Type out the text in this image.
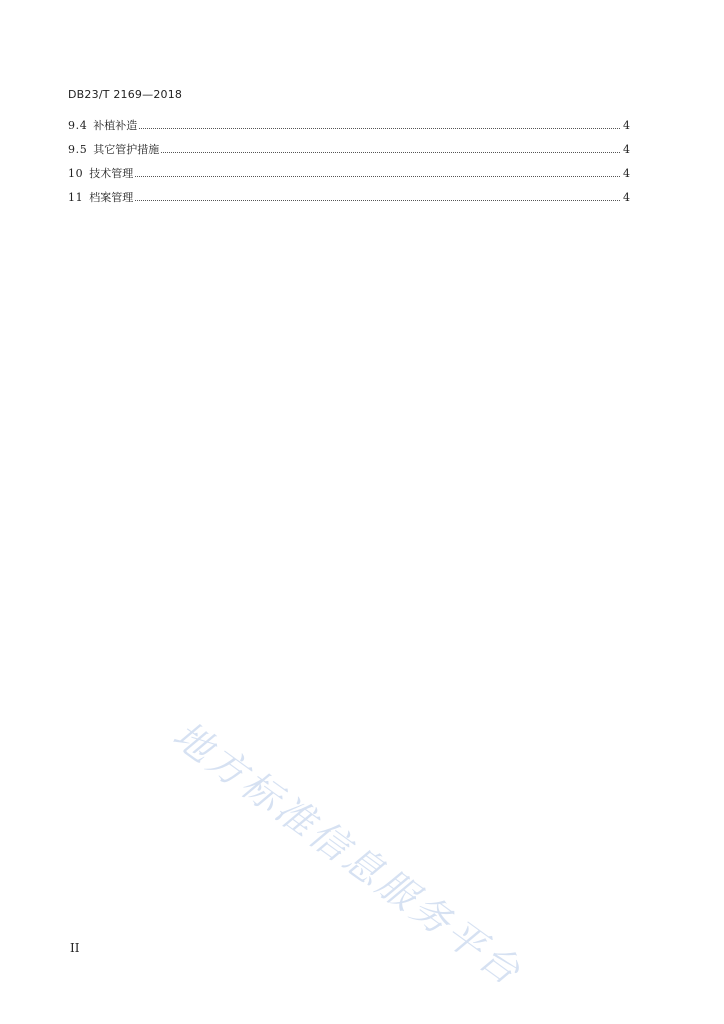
DB23/T 2169—2018
9.4 补植补造	4
9.5 其它管护措施	4
10 技术管理	4
11 档案管理	4
地方标准信息服务平台
II
